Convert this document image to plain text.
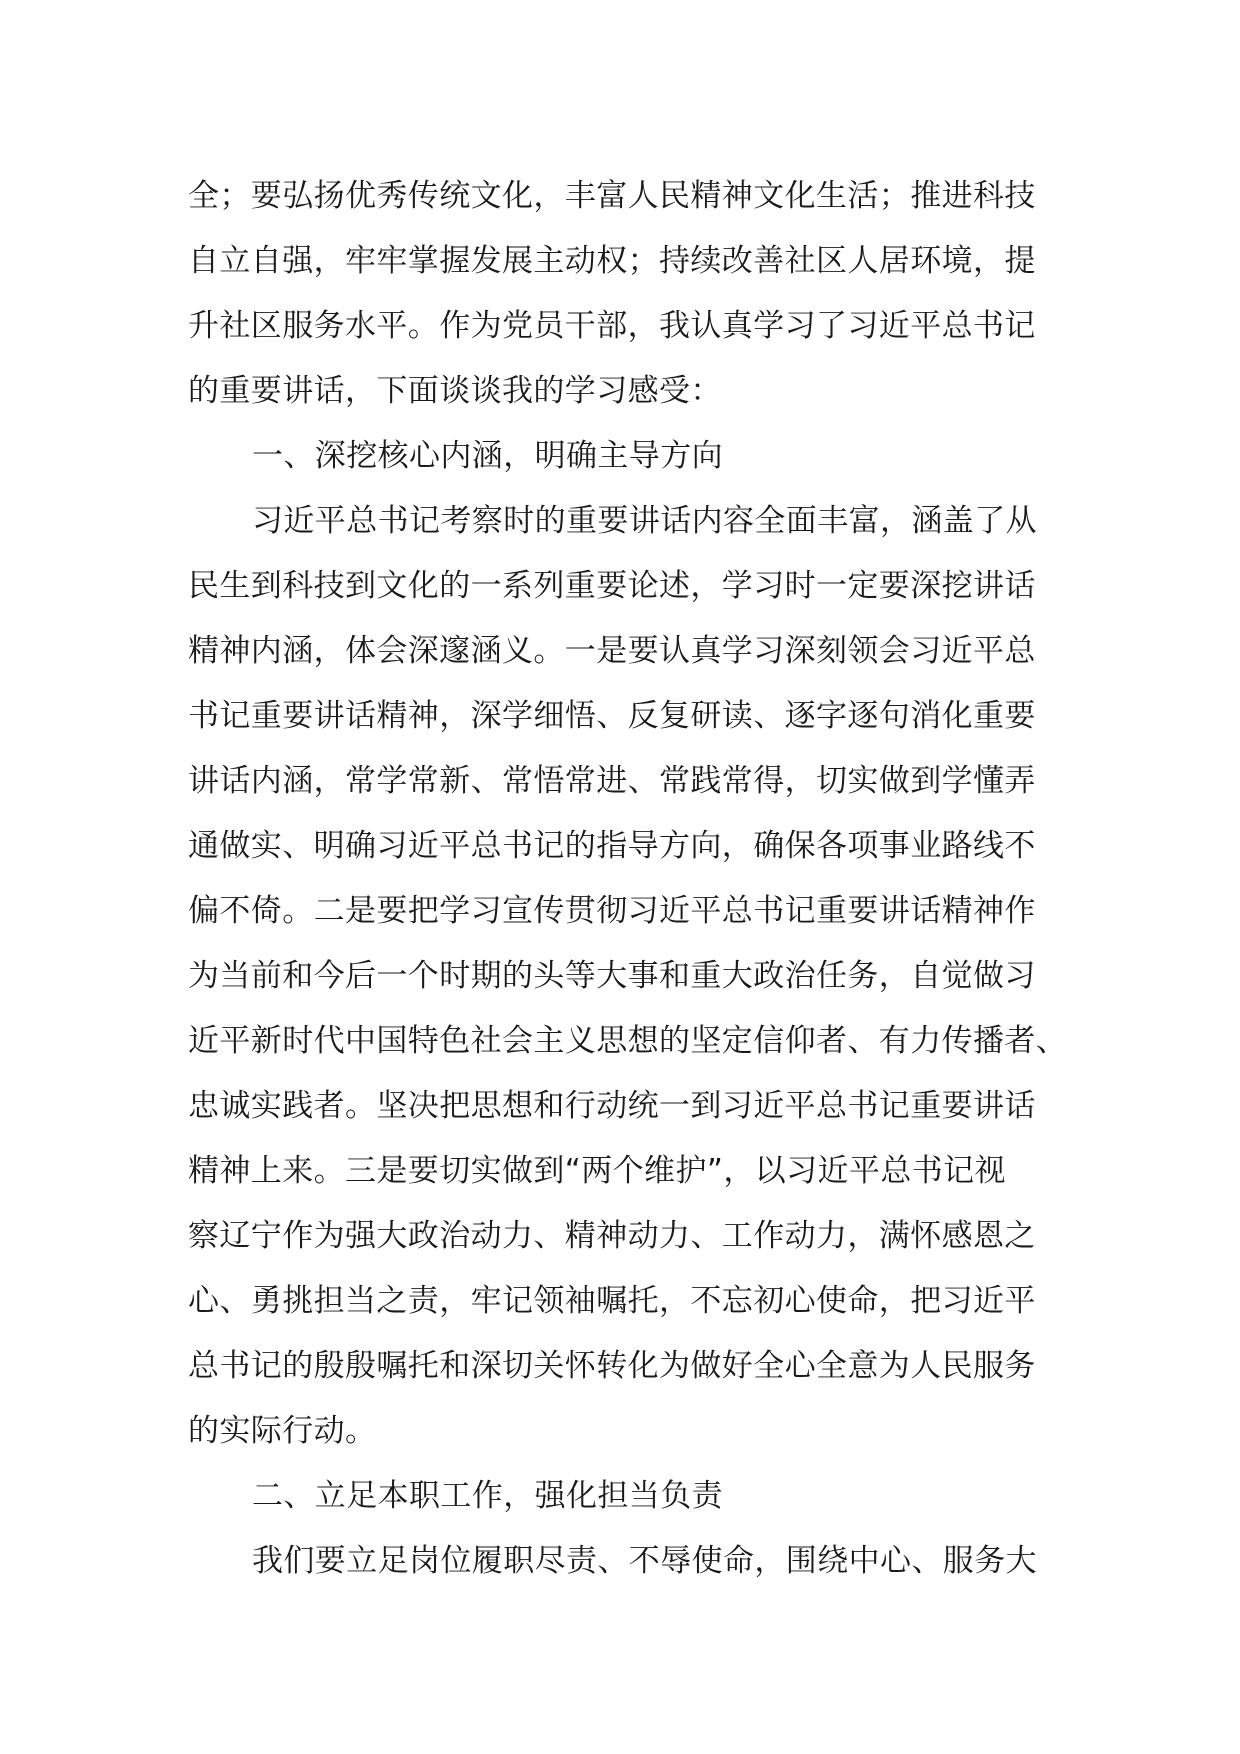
全；要弘扬优秀传统文化，丰富人民精神文化生活；推进科技
自立自强，牢牢掌握发展主动权；持续改善社区人居环境，提
升社区服务水平。作为党员干部，我认真学习了习近平总书记
的重要讲话，下面谈谈我的学习感受：
一、深挖核心内涵，明确主导方向
习近平总书记考察时的重要讲话内容全面丰富，涵盖了从
民生到科技到文化的一系列重要论述，学习时一定要深挖讲话
精神内涵，体会深邃涵义。一是要认真学习深刻领会习近平总
书记重要讲话精神，深学细悟、反复研读、逐字逐句消化重要
讲话内涵，常学常新、常悟常进、常践常得，切实做到学懂弄
通做实、明确习近平总书记的指导方向，确保各项事业路线不
偏不倚。二是要把学习宣传贯彻习近平总书记重要讲话精神作
为当前和今后一个时期的头等大事和重大政治任务，自觉做习
近平新时代中国特色社会主义思想的坚定信仰者、有力传播者、
忠诚实践者。坚决把思想和行动统一到习近平总书记重要讲话
精神上来。三是要切实做到“两个维护”，以习近平总书记视
察辽宁作为强大政治动力、精神动力、工作动力，满怀感恩之
心、勇挑担当之责，牢记领袖嘱托，不忘初心使命，把习近平
总书记的殷殷嘱托和深切关怀转化为做好全心全意为人民服务
的实际行动。
二、立足本职工作，强化担当负责
我们要立足岗位履职尽责、不辱使命，围绕中心、服务大
